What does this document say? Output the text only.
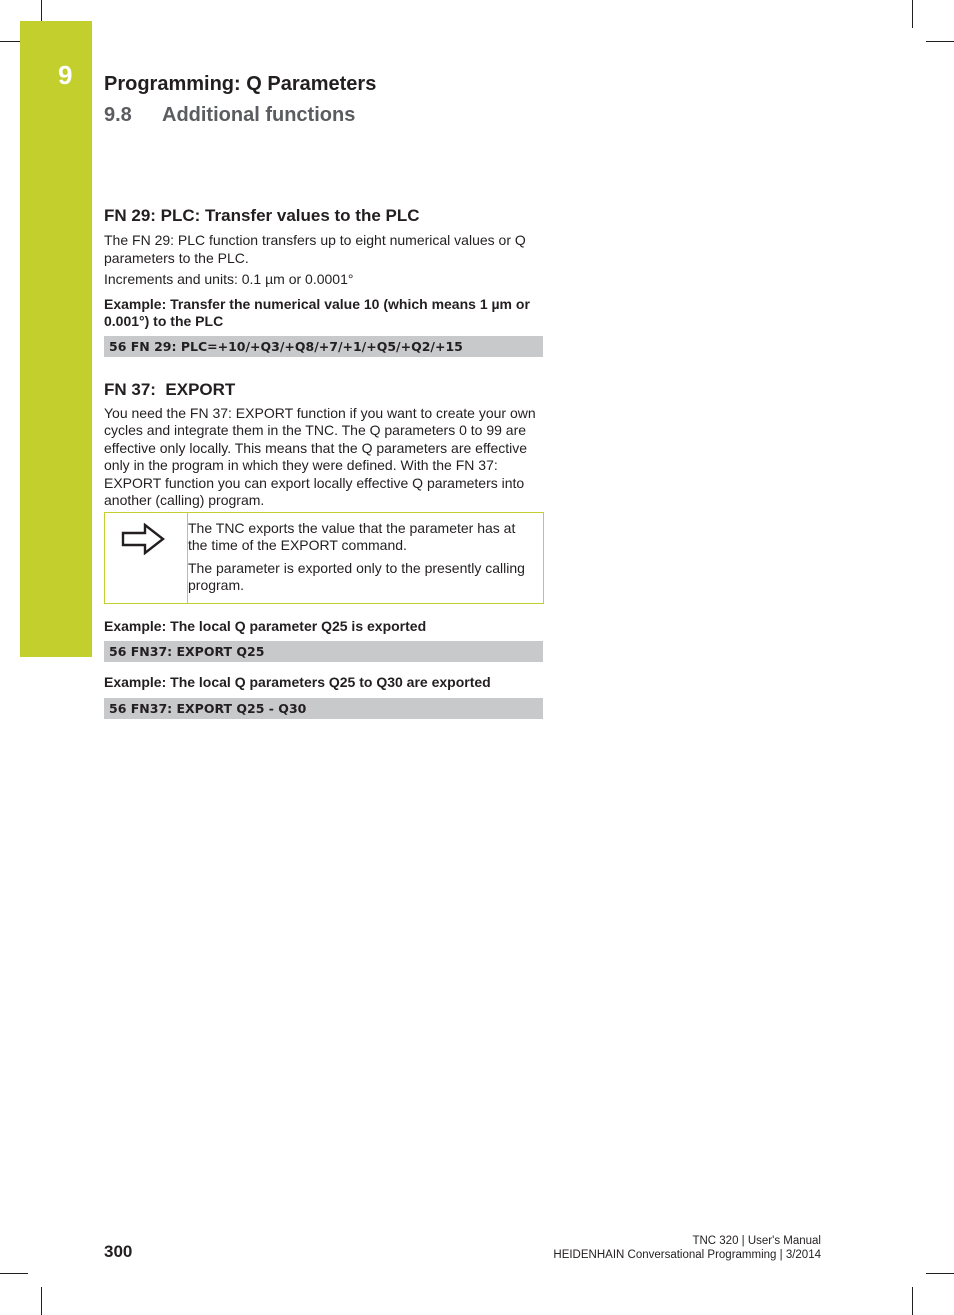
9 Programming: Q Parameters
9.8 Additional functions
FN 29: PLC: Transfer values to the PLC

The FN 29: PLC function transfers up to eight numerical values or Q parameters to the PLC.

Increments and units: 0.1 µm or 0.0001°

Example: Transfer the numerical value 10 (which means 1 µm or 0.001°) to the PLC

56 FN 29: PLC=+10/+Q3/+Q8/+7/+1/+Q5/+Q2/+15
FN 37:  EXPORT

You need the FN 37: EXPORT function if you want to create your own cycles and integrate them in the TNC. The Q parameters 0 to 99 are effective only locally. This means that the Q parameters are effective only in the program in which they were defined. With the FN 37: EXPORT function you can export locally effective Q parameters into another (calling) program.

The TNC exports the value that the parameter has at the time of the EXPORT command.

The parameter is exported only to the presently calling program.

Example: The local Q parameter Q25 is exported

56 FN37: EXPORT Q25

Example: The local Q parameters Q25 to Q30 are exported

56 FN37: EXPORT Q25 - Q30
300
TNC 320 | User's Manual
HEIDENHAIN Conversational Programming | 3/2014
